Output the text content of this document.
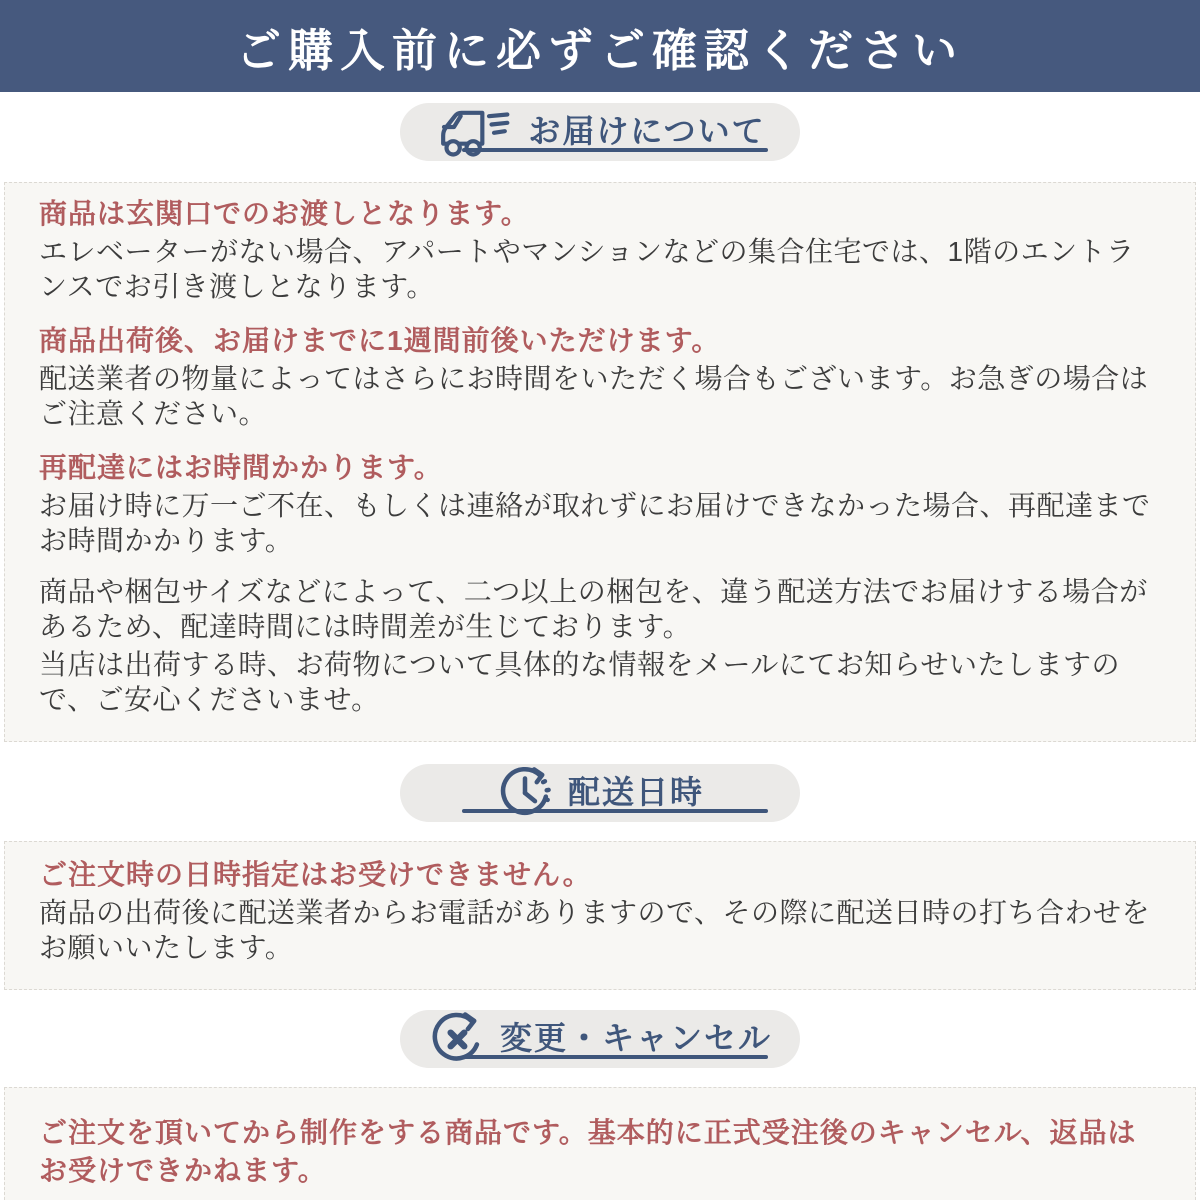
ご購入前に必ずご確認ください
お届けについて

商品は玄関口でのお渡しとなります。

エレベーターがない場合、アパートやマンションなどの集合住宅では、1階のエントランスでお引き渡しとなります。

商品出荷後、お届けまでに1週間前後いただけます。

配送業者の物量によってはさらにお時間をいただく場合もございます。お急ぎの場合はご注意ください。

再配達にはお時間かかります。

お届け時に万一ご不在、もしくは連絡が取れずにお届けできなかった場合、再配達までお時間かかります。

商品や梱包サイズなどによって、二つ以上の梱包を、違う配送方法でお届けする場合があるため、配達時間には時間差が生じております。

当店は出荷する時、お荷物について具体的な情報をメールにてお知らせいたしますので、ご安心くださいませ。

配送日時

ご注文時の日時指定はお受けできません。

商品の出荷後に配送業者からお電話がありますので、その際に配送日時の打ち合わせをお願いいたします。

変更・キャンセル

ご注文を頂いてから制作をする商品です。基本的に正式受注後のキャンセル、返品はお受けできかねます。
